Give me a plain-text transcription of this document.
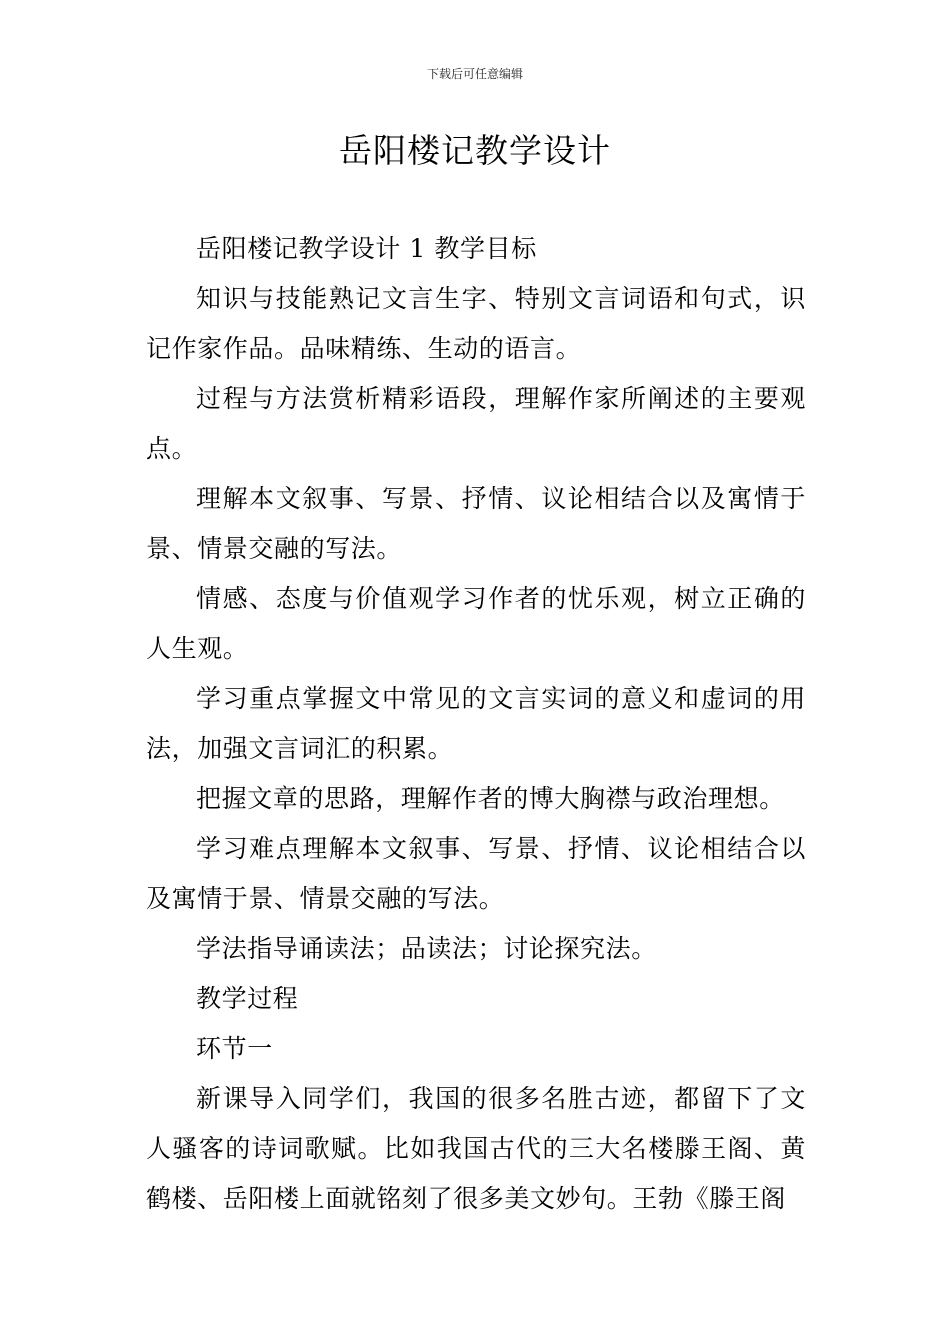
下载后可任意编辑
岳阳楼记教学设计

岳阳楼记教学设计 1 教学目标

知识与技能熟记文言生字、特别文言词语和句式，识记作家作品。品味精练、生动的语言。

过程与方法赏析精彩语段，理解作家所阐述的主要观点。

理解本文叙事、写景、抒情、议论相结合以及寓情于景、情景交融的写法。

情感、态度与价值观学习作者的忧乐观，树立正确的人生观。

学习重点掌握文中常见的文言实词的意义和虚词的用法，加强文言词汇的积累。

把握文章的思路，理解作者的博大胸襟与政治理想。

学习难点理解本文叙事、写景、抒情、议论相结合以及寓情于景、情景交融的写法。

学法指导诵读法；品读法；讨论探究法。

教学过程

环节一

新课导入同学们，我国的很多名胜古迹，都留下了文人骚客的诗词歌赋。比如我国古代的三大名楼滕王阁、黄鹤楼、岳阳楼上面就铭刻了很多美文妙句。王勃《滕王阁
